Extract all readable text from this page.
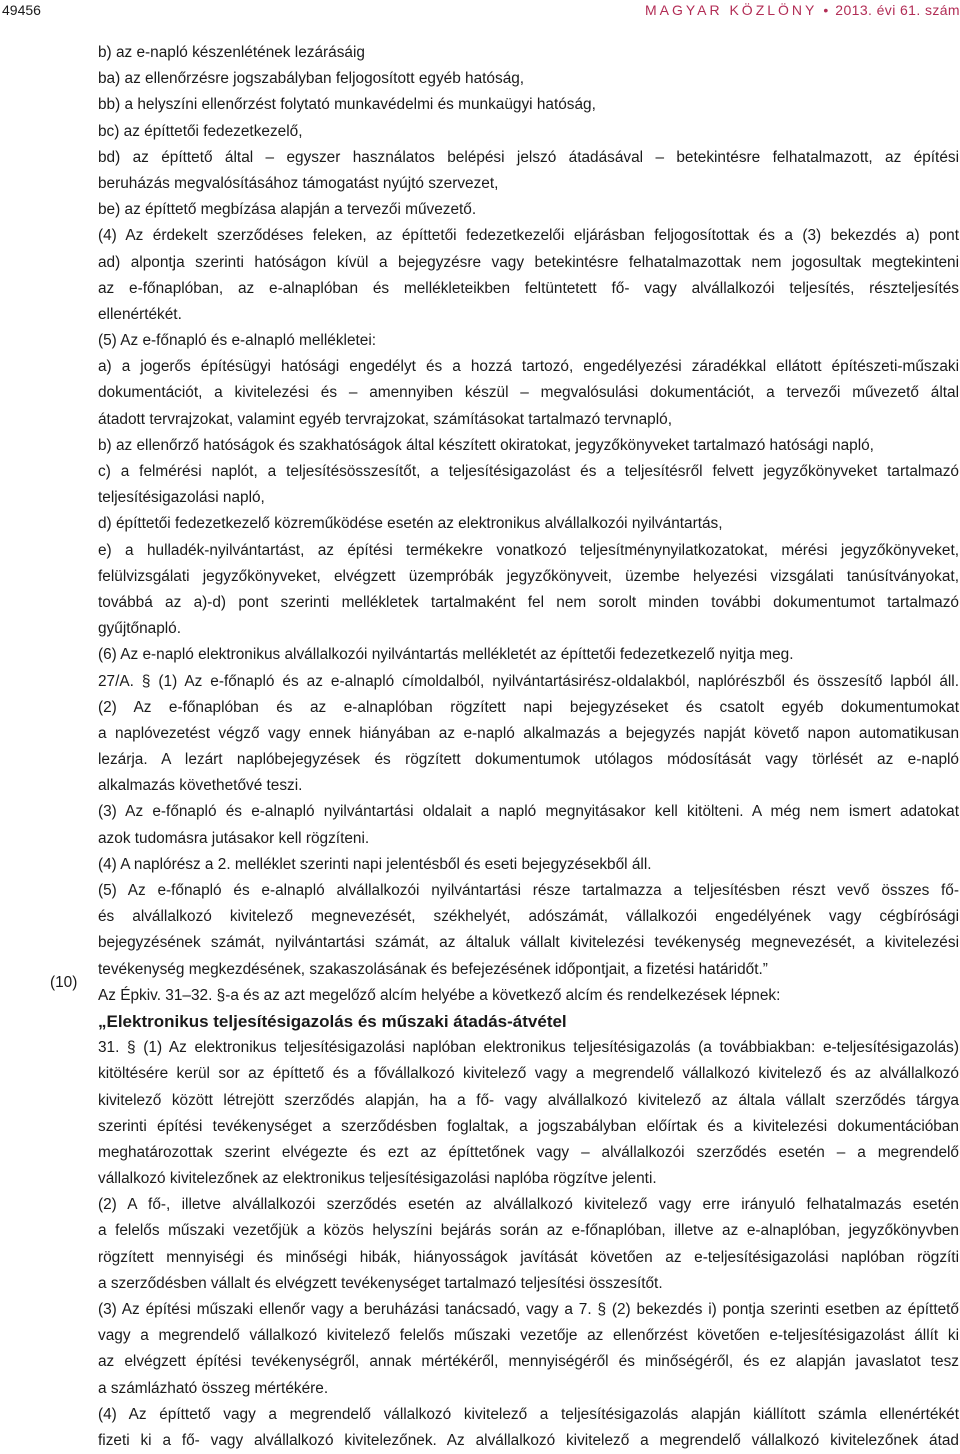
49456	MAGYAR KÖZLÖNY • 2013. évi 61. szám
(10)
b) az e-napló készenlétének lezárásáig
ba) az ellenőrzésre jogszabályban feljogosított egyéb hatóság,
bb) a helyszíni ellenőrzést folytató munkavédelmi és munkaügyi hatóság,
bc) az építtetői fedezetkezelő,
bd) az építtető által – egyszer használatos belépési jelszó átadásával – betekintésre felhatalmazott, az építési
beruházás megvalósításához támogatást nyújtó szervezet,
be) az építtető megbízása alapján a tervezői művezető.
(4) Az érdekelt szerződéses feleken, az építtetői fedezetkezelői eljárásban feljogosítottak és a (3) bekezdés a) pont
ad) alpontja szerinti hatóságon kívül a bejegyzésre vagy betekintésre felhatalmazottak nem jogosultak megtekinteni
az e-főnaplóban, az e-alnaplóban és mellékleteikben feltüntetett fő- vagy alvállalkozói teljesítés, részteljesítés
ellenértékét.
(5) Az e-főnapló és e-alnapló mellékletei:
a) a jogerős építésügyi hatósági engedélyt és a hozzá tartozó, engedélyezési záradékkal ellátott építészeti-műszaki
dokumentációt, a kivitelezési és – amennyiben készül – megvalósulási dokumentációt, a tervezői művezető által
átadott tervrajzokat, valamint egyéb tervrajzokat, számításokat tartalmazó tervnapló,
b) az ellenőrző hatóságok és szakhatóságok által készített okiratokat, jegyzőkönyveket tartalmazó hatósági napló,
c) a felmérési naplót, a teljesítésösszesítőt, a teljesítésigazolást és a teljesítésről felvett jegyzőkönyveket tartalmazó
teljesítésigazolási napló,
d) építtetői fedezetkezelő közreműködése esetén az elektronikus alvállalkozói nyilvántartás,
e) a hulladék-nyilvántartást, az építési termékekre vonatkozó teljesítménynyilatkozatokat, mérési jegyzőkönyveket,
felülvizsgálati jegyzőkönyveket, elvégzett üzempróbák jegyzőkönyveit, üzembe helyezési vizsgálati tanúsítványokat,
továbbá az a)-d) pont szerinti mellékletek tartalmaként fel nem sorolt minden további dokumentumot tartalmazó
gyűjtőnapló.
(6) Az e-napló elektronikus alvállalkozói nyilvántartás mellékletét az építtetői fedezetkezelő nyitja meg.
27/A. § (1) Az e-főnapló és az e-alnapló címoldalból, nyilvántartásirész-oldalakból, naplórészből és összesítő lapból áll.
(2) Az e-főnaplóban és az e-alnaplóban rögzített napi bejegyzéseket és csatolt egyéb dokumentumokat
a naplóvezetést végző vagy ennek hiányában az e-napló alkalmazás a bejegyzés napját követő napon automatikusan
lezárja. A lezárt naplóbejegyzések és rögzített dokumentumok utólagos módosítását vagy törlését az e-napló
alkalmazás követhetővé teszi.
(3) Az e-főnapló és e-alnapló nyilvántartási oldalait a napló megnyitásakor kell kitölteni. A még nem ismert adatokat
azok tudomásra jutásakor kell rögzíteni.
(4) A naplórész a 2. melléklet szerinti napi jelentésből és eseti bejegyzésekből áll.
(5) Az e-főnapló és e-alnapló alvállalkozói nyilvántartási része tartalmazza a teljesítésben részt vevő összes fő-
és alvállalkozó kivitelező megnevezését, székhelyét, adószámát, vállalkozói engedélyének vagy cégbírósági
bejegyzésének számát, nyilvántartási számát, az általuk vállalt kivitelezési tevékenység megnevezését, a kivitelezési
tevékenység megkezdésének, szakaszolásának és befejezésének időpontjait, a fizetési határidőt.”
Az Épkiv. 31–32. §-a és az azt megelőző alcím helyébe a következő alcím és rendelkezések lépnek:
„Elektronikus teljesítésigazolás és műszaki átadás-átvétel
31. § (1) Az elektronikus teljesítésigazolási naplóban elektronikus teljesítésigazolás (a továbbiakban: e-teljesítésigazolás)
kitöltésére kerül sor az építtető és a fővállalkozó kivitelező vagy a megrendelő vállalkozó kivitelező és az alvállalkozó
kivitelező között létrejött szerződés alapján, ha a fő- vagy alvállalkozó kivitelező az általa vállalt szerződés tárgya
szerinti építési tevékenységet a szerződésben foglaltak, a jogszabályban előírtak és a kivitelezési dokumentációban
meghatározottak szerint elvégezte és ezt az építtetőnek vagy – alvállalkozói szerződés esetén – a megrendelő
vállalkozó kivitelezőnek az elektronikus teljesítésigazolási naplóba rögzítve jelenti.
(2) A fő-, illetve alvállalkozói szerződés esetén az alvállalkozó kivitelező vagy erre irányuló felhatalmazás esetén
a felelős műszaki vezetőjük a közös helyszíni bejárás során az e-főnaplóban, illetve az e-alnaplóban, jegyzőkönyvben
rögzített mennyiségi és minőségi hibák, hiányosságok javítását követően az e-teljesítésigazolási naplóban rögzíti
a szerződésben vállalt és elvégzett tevékenységet tartalmazó teljesítési összesítőt.
(3) Az építési műszaki ellenőr vagy a beruházási tanácsadó, vagy a 7. § (2) bekezdés i) pontja szerinti esetben az építtető
vagy a megrendelő vállalkozó kivitelező felelős műszaki vezetője az ellenőrzést követően e-teljesítésigazolást állít ki
az elvégzett építési tevékenységről, annak mértékéről, mennyiségéről és minőségéről, és ez alapján javaslatot tesz
a számlázható összeg mértékére.
(4) Az építtető vagy a megrendelő vállalkozó kivitelező a teljesítésigazolás alapján kiállított számla ellenértékét
fizeti ki a fő- vagy alvállalkozó kivitelezőnek. Az alvállalkozó kivitelező a megrendelő vállalkozó kivitelezőnek átad
